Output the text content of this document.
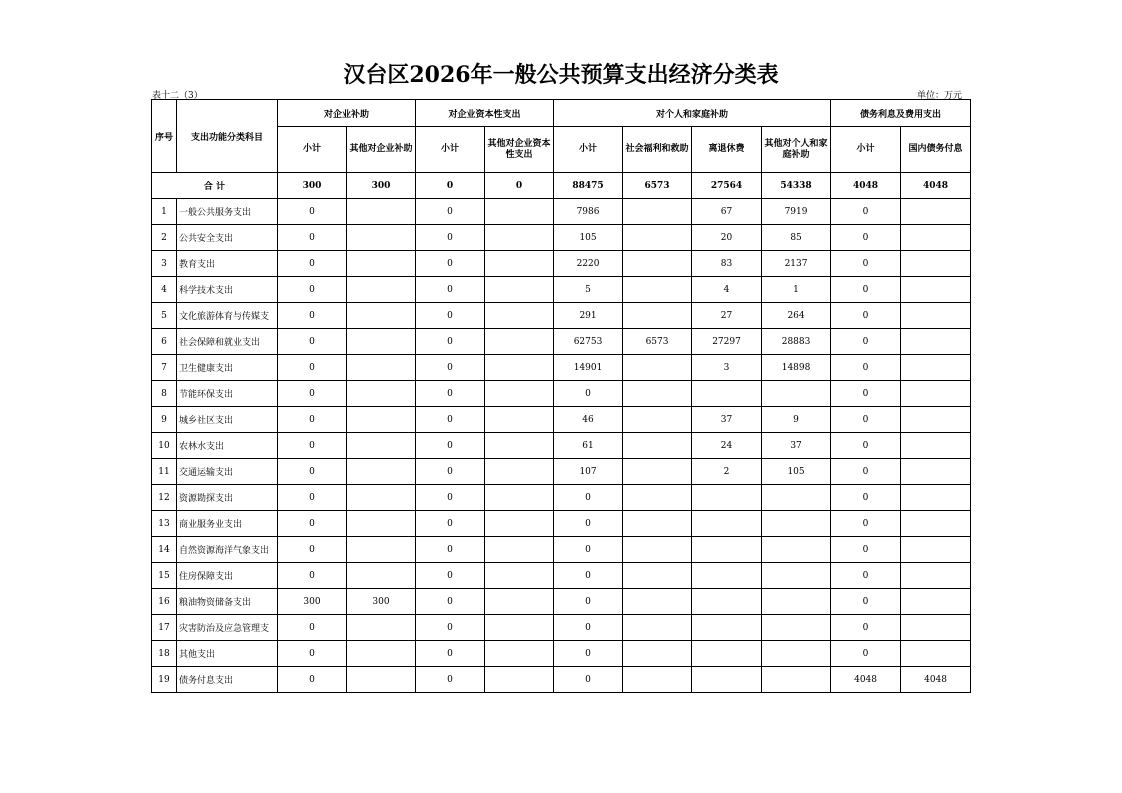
汉台区2026年一般公共预算支出经济分类表
表十二（3）	单位：万元
序号	支出功能分类科目	对企业补助		对企业资本性支出		对个人和家庭补助				债务利息及费用支出	
		小计	其他对企业补助	小计	其他对企业资本性支出	小计	社会福利和救助	离退休费	其他对个人和家庭补助	小计	国内债务付息
合 计		300	300	0	0	88475	6573	27564	54338	4048	4048
1	一般公共服务支出	0		0		7986		67	7919	0	
2	公共安全支出	0		0		105		20	85	0	
3	教育支出	0		0		2220		83	2137	0	
4	科学技术支出	0		0		5		4	1	0	
5	文化旅游体育与传媒支	0		0		291		27	264	0	
6	社会保障和就业支出	0		0		62753	6573	27297	28883	0	
7	卫生健康支出	0		0		14901		3	14898	0	
8	节能环保支出	0		0		0				0	
9	城乡社区支出	0		0		46		37	9	0	
10	农林水支出	0		0		61		24	37	0	
11	交通运输支出	0		0		107		2	105	0	
12	资源勘探支出	0		0		0				0	
13	商业服务业支出	0		0		0				0	
14	自然资源海洋气象支出	0		0		0				0	
15	住房保障支出	0		0		0				0	
16	粮油物资储备支出	300	300	0		0				0	
17	灾害防治及应急管理支	0		0		0				0	
18	其他支出	0		0		0				0	
19	债务付息支出	0		0		0				4048	4048
